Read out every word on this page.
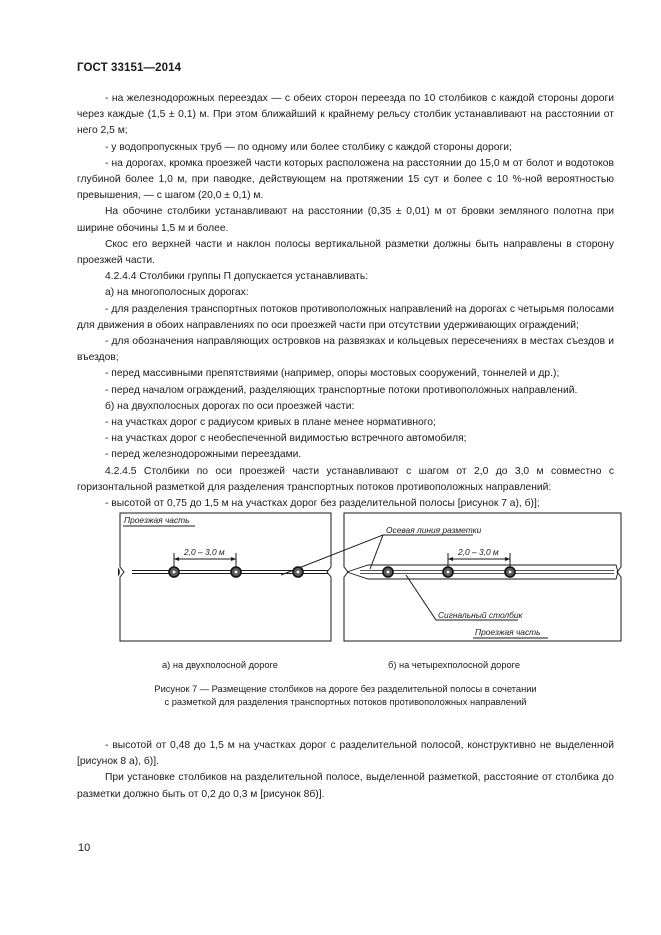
ГОСТ 33151—2014

- на железнодорожных переездах — с обеих сторон переезда по 10 столбиков с каждой стороны дороги через каждые (1,5 ± 0,1) м. При этом ближайший к крайнему рельсу столбик устанавливают на расстоянии от него 2,5 м;

- у водопропускных труб — по одному или более столбику с каждой стороны дороги;

- на дорогах, кромка проезжей части которых расположена на расстоянии до 15,0 м от болот и водотоков глубиной более 1,0 м, при паводке, действующем на протяжении 15 сут и более с 10 %-ной вероятностью превышения, — с шагом (20,0 ± 0,1) м.

На обочине столбики устанавливают на расстоянии (0,35 ± 0,01) м от бровки земляного полотна при ширине обочины 1,5 м и более.

Скос его верхней части и наклон полосы вертикальной разметки должны быть направлены в сторону проезжей части.

4.2.4.4 Столбики группы П допускается устанавливать:

а) на многополосных дорогах:

- для разделения транспортных потоков противоположных направлений на дорогах с четырьмя полосами для движения в обоих направлениях по оси проезжей части при отсутствии удерживающих ограждений;

- для обозначения направляющих островков на развязках и кольцевых пересечениях в местах съездов и въездов;

- перед массивными препятствиями (например, опоры мостовых сооружений, тоннелей и др.);

- перед началом ограждений, разделяющих транспортные потоки противоположных направлений.

б) на двухполосных дорогах по оси проезжей части:

- на участках дорог с радиусом кривых в плане менее нормативного;

- на участках дорог с необеспеченной видимостью встречного автомобиля;

- перед железнодорожными переездами.

4.2.4.5 Столбики по оси проезжей части устанавливают с шагом от 2,0 до 3,0 м совместно с горизонтальной разметкой для разделения транспортных потоков противоположных направлений:

- высотой от 0,75 до 1,5 м на участках дорог без разделительной полосы [рисунок 7 а), б)];

Проезжая часть
2,0 – 3,0 м
Осевая линия разметки
2,0 – 3,0 м
Сигнальный столбик
Проезжая часть
а) на двухполосной дороге	б) на четырехполосной дороге
Рисунок 7 — Размещение столбиков на дороге без разделительной полосы в сочетании
с разметкой для разделения транспортных потоков противоположных направлений

- высотой от 0,48 до 1,5 м на участках дорог с разделительной полосой, конструктивно не выделенной [рисунок 8 а), б)].

При установке столбиков на разделительной полосе, выделенной разметкой, расстояние от столбика до разметки должно быть от 0,2 до 0,3 м [рисунок 8б)].

10
